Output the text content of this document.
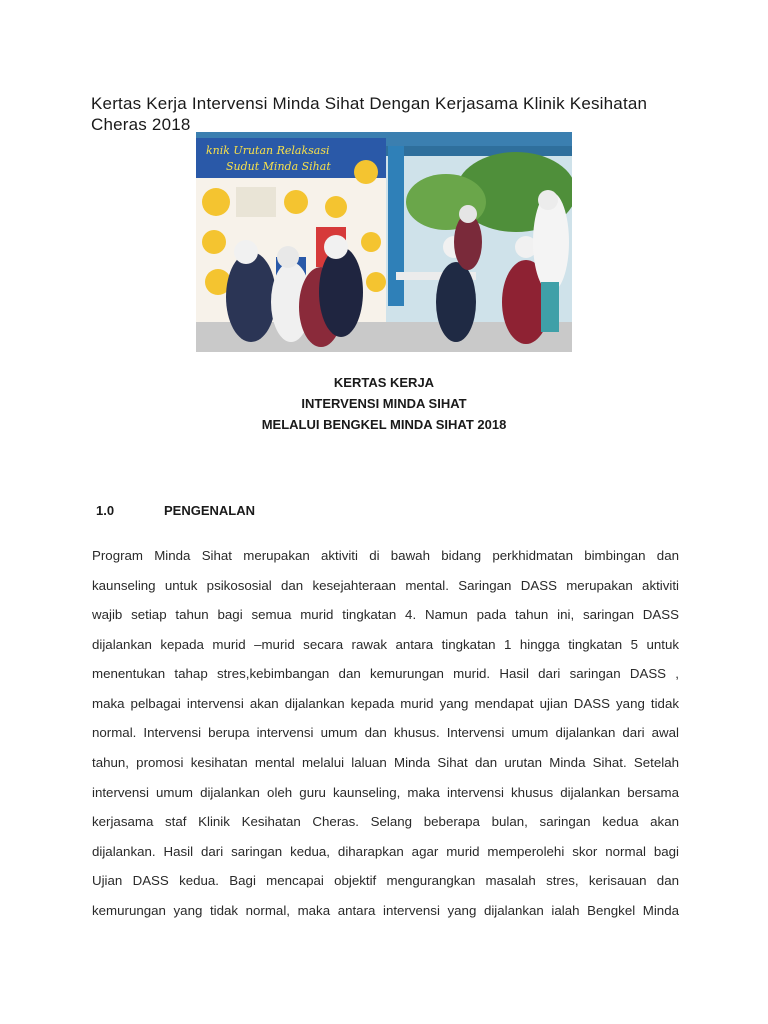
Kertas Kerja Intervensi Minda Sihat Dengan Kerjasama Klinik Kesihatan Cheras 2018
knik Urutan Relaksasi
Sudut Minda Sihat
KERTAS KERJA
INTERVENSI MINDA SIHAT
MELALUI BENGKEL MINDA SIHAT 2018
1.0	PENGENALAN
Program Minda Sihat merupakan aktiviti di bawah bidang perkhidmatan bimbingan dan
kaunseling untuk psikososial dan kesejahteraan mental. Saringan DASS merupakan aktiviti
wajib setiap tahun bagi semua murid tingkatan 4. Namun pada tahun ini, saringan DASS
dijalankan kepada murid –murid secara rawak antara tingkatan 1 hingga tingkatan 5 untuk
menentukan tahap stres,kebimbangan dan kemurungan murid. Hasil dari saringan DASS ,
maka pelbagai intervensi akan dijalankan kepada murid yang mendapat ujian DASS yang tidak
normal. Intervensi berupa intervensi umum dan khusus. Intervensi umum dijalankan dari awal
tahun, promosi kesihatan mental melalui laluan Minda Sihat dan urutan Minda Sihat. Setelah
intervensi umum dijalankan oleh guru kaunseling, maka intervensi khusus dijalankan bersama
kerjasama staf Klinik Kesihatan Cheras. Selang beberapa bulan, saringan kedua akan
dijalankan. Hasil dari saringan kedua, diharapkan agar murid memperolehi skor normal bagi
Ujian DASS kedua. Bagi mencapai objektif mengurangkan masalah stres, kerisauan dan
kemurungan yang tidak normal, maka antara intervensi yang dijalankan ialah Bengkel Minda
